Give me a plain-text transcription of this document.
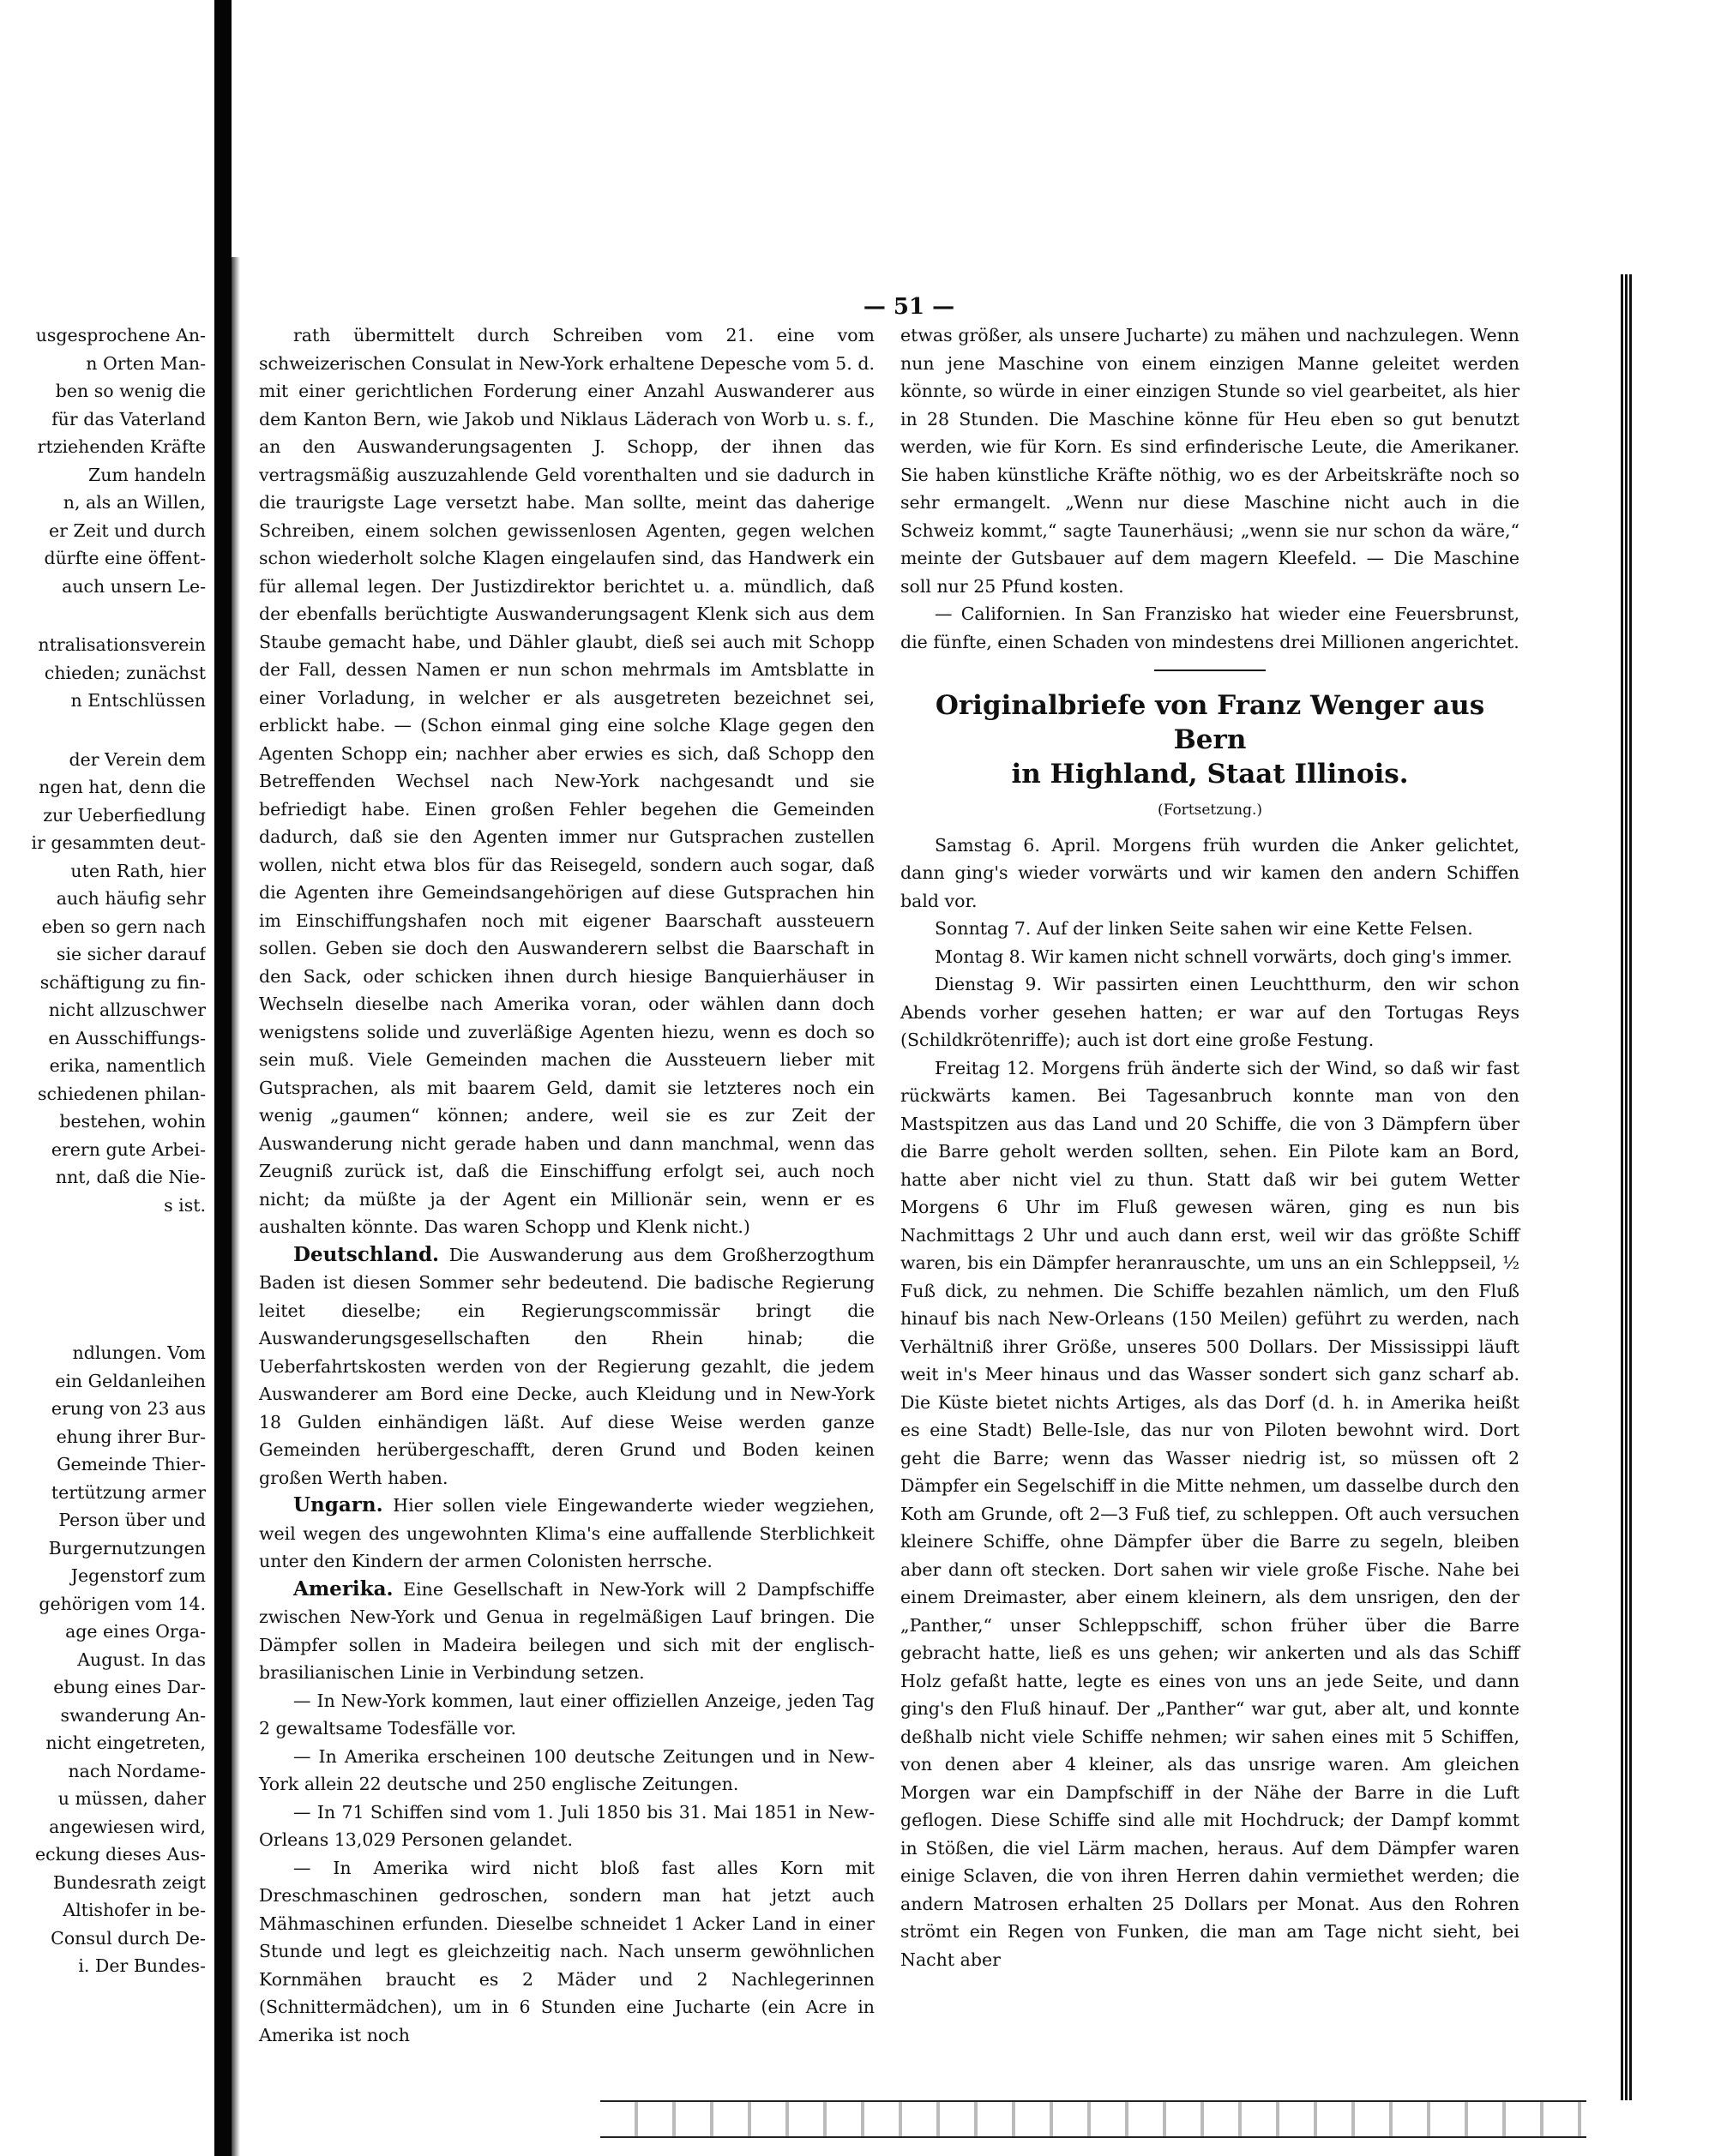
— 51 —

usgesprochene An-

n Orten Man-

ben so wenig die

für das Vaterland

rtziehenden Kräfte

Zum handeln

n, als an Willen,

er Zeit und durch

dürfte eine öffent-

auch unsern Le-

ntralisationsverein

chieden; zunächst

n Entschlüssen

der Verein dem

ngen hat, denn die

zur Ueberfiedlung

ir gesammten deut-

uten Rath, hier

auch häufig sehr

eben so gern nach

sie sicher darauf

schäftigung zu fin-

nicht allzuschwer

en Ausschiffungs-

erika, namentlich

schiedenen philan-

bestehen, wohin

erern gute Arbei-

nnt, daß die Nie-

s ist.

ndlungen. Vom

ein Geldanleihen

erung von 23 aus

ehung ihrer Bur-

Gemeinde Thier-

tertützung armer

Person über und

Burgernutzungen

Jegenstorf zum

gehörigen vom 14.

age eines Orga-

August. In das

ebung eines Dar-

swanderung An-

nicht eingetreten,

nach Nordame-

u müssen, daher

angewiesen wird,

eckung dieses Aus-

Bundesrath zeigt

Altishofer in be-

Consul durch De-

i. Der Bundes-

rath übermittelt durch Schreiben vom 21. eine vom schweizerischen Consulat in New-York erhaltene Depesche vom 5. d. mit einer gerichtlichen Forderung einer Anzahl Auswanderer aus dem Kanton Bern, wie Jakob und Niklaus Läderach von Worb u. s. f., an den Auswanderungsagenten J. Schopp, der ihnen das vertragsmäßig auszuzahlende Geld vorenthalten und sie dadurch in die traurigste Lage versetzt habe. Man sollte, meint das daherige Schreiben, einem solchen gewissenlosen Agenten, gegen welchen schon wiederholt solche Klagen eingelaufen sind, das Handwerk ein für allemal legen. Der Justizdirektor berichtet u. a. mündlich, daß der ebenfalls berüchtigte Auswanderungsagent Klenk sich aus dem Staube gemacht habe, und Dähler glaubt, dieß sei auch mit Schopp der Fall, dessen Namen er nun schon mehrmals im Amtsblatte in einer Vorladung, in welcher er als ausgetreten bezeichnet sei, erblickt habe. — (Schon einmal ging eine solche Klage gegen den Agenten Schopp ein; nachher aber erwies es sich, daß Schopp den Betreffenden Wechsel nach New-York nachgesandt und sie befriedigt habe. Einen großen Fehler begehen die Gemeinden dadurch, daß sie den Agenten immer nur Gutsprachen zustellen wollen, nicht etwa blos für das Reisegeld, sondern auch sogar, daß die Agenten ihre Gemeindsangehörigen auf diese Gutsprachen hin im Einschiffungshafen noch mit eigener Baarschaft aussteuern sollen. Geben sie doch den Auswanderern selbst die Baarschaft in den Sack, oder schicken ihnen durch hiesige Banquierhäuser in Wechseln dieselbe nach Amerika voran, oder wählen dann doch wenigstens solide und zuverläßige Agenten hiezu, wenn es doch so sein muß. Viele Gemeinden machen die Aussteuern lieber mit Gutsprachen, als mit baarem Geld, damit sie letzteres noch ein wenig „gaumen“ können; andere, weil sie es zur Zeit der Auswanderung nicht gerade haben und dann manchmal, wenn das Zeugniß zurück ist, daß die Einschiffung erfolgt sei, auch noch nicht; da müßte ja der Agent ein Millionär sein, wenn er es aushalten könnte. Das waren Schopp und Klenk nicht.)

Deutschland. Die Auswanderung aus dem Großherzogthum Baden ist diesen Sommer sehr bedeutend. Die badische Regierung leitet dieselbe; ein Regierungscommissär bringt die Auswanderungsgesellschaften den Rhein hinab; die Ueberfahrtskosten werden von der Regierung gezahlt, die jedem Auswanderer am Bord eine Decke, auch Kleidung und in New-York 18 Gulden einhändigen läßt. Auf diese Weise werden ganze Gemeinden herübergeschafft, deren Grund und Boden keinen großen Werth haben.

Ungarn. Hier sollen viele Eingewanderte wieder wegziehen, weil wegen des ungewohnten Klima's eine auffallende Sterblichkeit unter den Kindern der armen Colonisten herrsche.

Amerika. Eine Gesellschaft in New-York will 2 Dampfschiffe zwischen New-York und Genua in regelmäßigen Lauf bringen. Die Dämpfer sollen in Madeira beilegen und sich mit der englisch-brasilianischen Linie in Verbindung setzen.

— In New-York kommen, laut einer offiziellen Anzeige, jeden Tag 2 gewaltsame Todesfälle vor.

— In Amerika erscheinen 100 deutsche Zeitungen und in New-York allein 22 deutsche und 250 englische Zeitungen.

— In 71 Schiffen sind vom 1. Juli 1850 bis 31. Mai 1851 in New-Orleans 13,029 Personen gelandet.

— In Amerika wird nicht bloß fast alles Korn mit Dreschmaschinen gedroschen, sondern man hat jetzt auch Mähmaschinen erfunden. Dieselbe schneidet 1 Acker Land in einer Stunde und legt es gleichzeitig nach. Nach unserm gewöhnlichen Kornmähen braucht es 2 Mäder und 2 Nachlegerinnen (Schnittermädchen), um in 6 Stunden eine Jucharte (ein Acre in Amerika ist noch

etwas größer, als unsere Jucharte) zu mähen und nachzulegen. Wenn nun jene Maschine von einem einzigen Manne geleitet werden könnte, so würde in einer einzigen Stunde so viel gearbeitet, als hier in 28 Stunden. Die Maschine könne für Heu eben so gut benutzt werden, wie für Korn. Es sind erfinderische Leute, die Amerikaner. Sie haben künstliche Kräfte nöthig, wo es der Arbeitskräfte noch so sehr ermangelt. „Wenn nur diese Maschine nicht auch in die Schweiz kommt,“ sagte Taunerhäusi; „wenn sie nur schon da wäre,“ meinte der Gutsbauer auf dem magern Kleefeld. — Die Maschine soll nur 25 Pfund kosten.

— Californien. In San Franzisko hat wieder eine Feuersbrunst, die fünfte, einen Schaden von mindestens drei Millionen angerichtet.

Originalbriefe von Franz Wenger aus Bern
in Highland, Staat Illinois.
(Fortsetzung.)

Samstag 6. April. Morgens früh wurden die Anker gelichtet, dann ging's wieder vorwärts und wir kamen den andern Schiffen bald vor.

Sonntag 7. Auf der linken Seite sahen wir eine Kette Felsen.

Montag 8. Wir kamen nicht schnell vorwärts, doch ging's immer.

Dienstag 9. Wir passirten einen Leuchtthurm, den wir schon Abends vorher gesehen hatten; er war auf den Tortugas Reys (Schildkrötenriffe); auch ist dort eine große Festung.

Freitag 12. Morgens früh änderte sich der Wind, so daß wir fast rückwärts kamen. Bei Tagesanbruch konnte man von den Mastspitzen aus das Land und 20 Schiffe, die von 3 Dämpfern über die Barre geholt werden sollten, sehen. Ein Pilote kam an Bord, hatte aber nicht viel zu thun. Statt daß wir bei gutem Wetter Morgens 6 Uhr im Fluß gewesen wären, ging es nun bis Nachmittags 2 Uhr und auch dann erst, weil wir das größte Schiff waren, bis ein Dämpfer heranrauschte, um uns an ein Schleppseil, ½ Fuß dick, zu nehmen. Die Schiffe bezahlen nämlich, um den Fluß hinauf bis nach New-Orleans (150 Meilen) geführt zu werden, nach Verhältniß ihrer Größe, unseres 500 Dollars. Der Mississippi läuft weit in's Meer hinaus und das Wasser sondert sich ganz scharf ab. Die Küste bietet nichts Artiges, als das Dorf (d. h. in Amerika heißt es eine Stadt) Belle-Isle, das nur von Piloten bewohnt wird. Dort geht die Barre; wenn das Wasser niedrig ist, so müssen oft 2 Dämpfer ein Segelschiff in die Mitte nehmen, um dasselbe durch den Koth am Grunde, oft 2—3 Fuß tief, zu schleppen. Oft auch versuchen kleinere Schiffe, ohne Dämpfer über die Barre zu segeln, bleiben aber dann oft stecken. Dort sahen wir viele große Fische. Nahe bei einem Dreimaster, aber einem kleinern, als dem unsrigen, den der „Panther,“ unser Schleppschiff, schon früher über die Barre gebracht hatte, ließ es uns gehen; wir ankerten und als das Schiff Holz gefaßt hatte, legte es eines von uns an jede Seite, und dann ging's den Fluß hinauf. Der „Panther“ war gut, aber alt, und konnte deßhalb nicht viele Schiffe nehmen; wir sahen eines mit 5 Schiffen, von denen aber 4 kleiner, als das unsrige waren. Am gleichen Morgen war ein Dampfschiff in der Nähe der Barre in die Luft geflogen. Diese Schiffe sind alle mit Hochdruck; der Dampf kommt in Stößen, die viel Lärm machen, heraus. Auf dem Dämpfer waren einige Sclaven, die von ihren Herren dahin vermiethet werden; die andern Matrosen erhalten 25 Dollars per Monat. Aus den Rohren strömt ein Regen von Funken, die man am Tage nicht sieht, bei Nacht aber
